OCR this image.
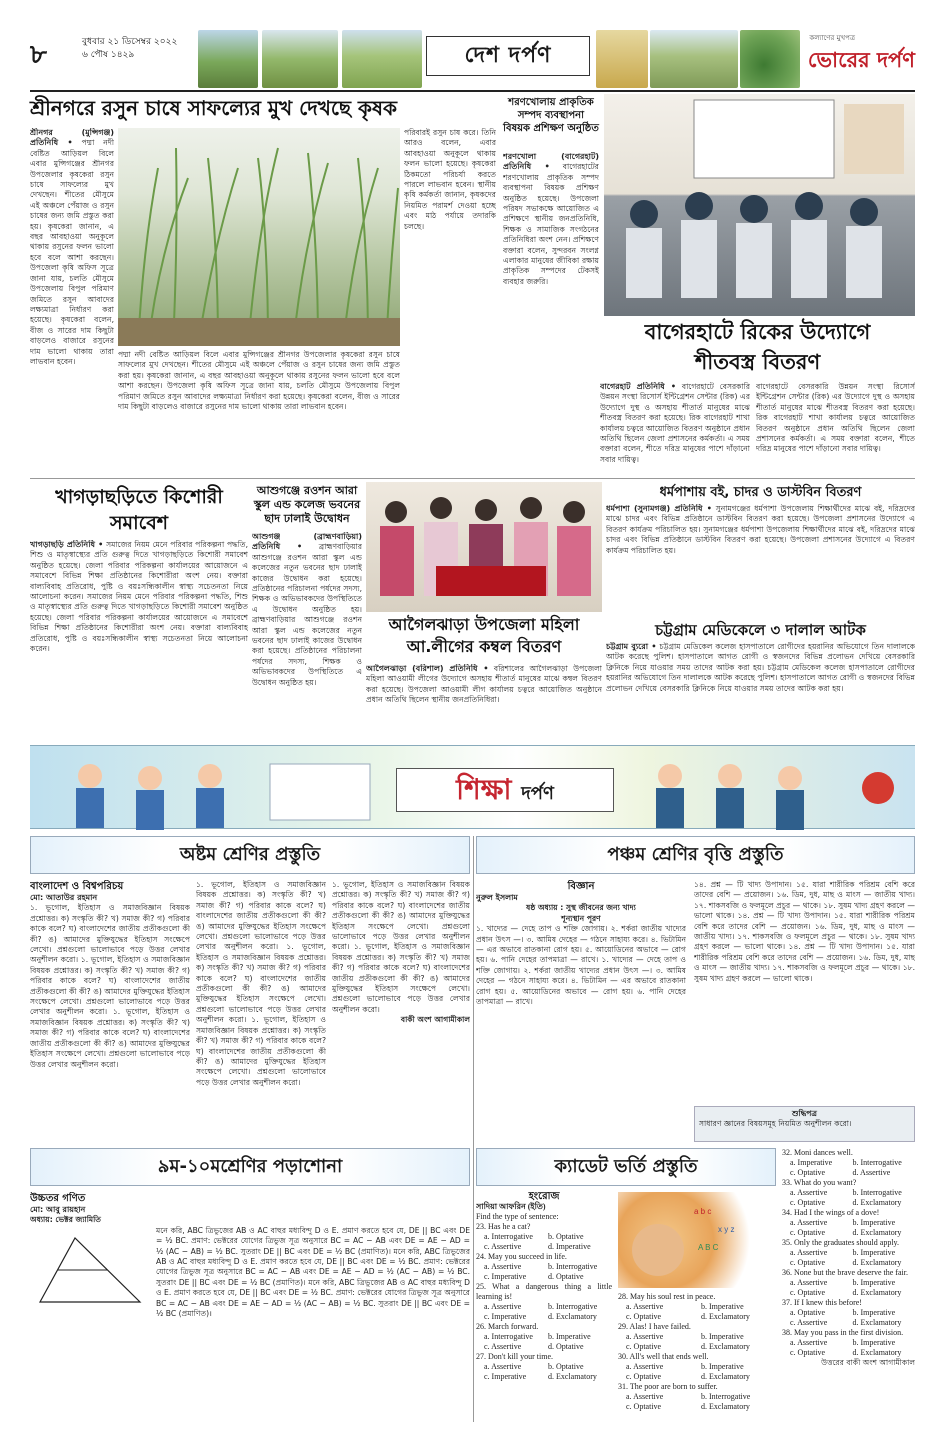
৮	বুধবার ২১ ডিসেম্বর ২০২২
৬ পৌষ ১৪২৯	দেশ দর্পণ
কল্যাণের মুখপত্র
ভোরের দর্পণ
শ্রীনগরে রসুন চাষে সাফল্যের মুখ দেখছে কৃষক
শ্রীনগর (মুন্সিগঞ্জ) প্রতিনিধি • পদ্মা নদী বেষ্টিত আড়িয়ল বিলে এবার মুন্সিগঞ্জের শ্রীনগর উপজেলার কৃষকেরা রসুন চাষে সাফল্যের মুখ দেখছেন। শীতের মৌসুমে এই অঞ্চলে পেঁয়াজ ও রসুন চাষের জন্য জমি প্রস্তুত করা হয়। কৃষকেরা জানান, এ বছর আবহাওয়া অনুকূলে থাকায় রসুনের ফলন ভালো হবে বলে আশা করছেন। উপজেলা কৃষি অফিস সূত্রে জানা যায়, চলতি মৌসুমে উপজেলায় বিপুল পরিমাণ জমিতে রসুন আবাদের লক্ষ্যমাত্রা নির্ধারণ করা হয়েছে। কৃষকেরা বলেন, বীজ ও সারের দাম কিছুটা বাড়লেও বাজারে রসুনের দাম ভালো থাকায় তারা লাভবান হবেন।
পরিবারই রসুন চাষ করে। তিনি আরও বলেন, এবার আবহাওয়া অনুকূলে থাকায় ফলন ভালো হয়েছে। কৃষকেরা ঠিকমতো পরিচর্যা করতে পারলে লাভবান হবেন। স্থানীয় কৃষি কর্মকর্তা জানান, কৃষকদের নিয়মিত পরামর্শ দেওয়া হচ্ছে এবং মাঠ পর্যায়ে তদারকি চলছে।
পদ্মা নদী বেষ্টিত আড়িয়ল বিলে এবার মুন্সিগঞ্জের শ্রীনগর উপজেলার কৃষকেরা রসুন চাষে সাফল্যের মুখ দেখছেন। শীতের মৌসুমে এই অঞ্চলে পেঁয়াজ ও রসুন চাষের জন্য জমি প্রস্তুত করা হয়। কৃষকেরা জানান, এ বছর আবহাওয়া অনুকূলে থাকায় রসুনের ফলন ভালো হবে বলে আশা করছেন। উপজেলা কৃষি অফিস সূত্রে জানা যায়, চলতি মৌসুমে উপজেলায় বিপুল পরিমাণ জমিতে রসুন আবাদের লক্ষ্যমাত্রা নির্ধারণ করা হয়েছে। কৃষকেরা বলেন, বীজ ও সারের দাম কিছুটা বাড়লেও বাজারে রসুনের দাম ভালো থাকায় তারা লাভবান হবেন।
শরণখোলায় প্রাকৃতিক সম্পদ ব্যবস্থাপনা বিষয়ক প্রশিক্ষণ অনুষ্ঠিত
শরণখোলা (বাগেরহাট) প্রতিনিধি • বাগেরহাটের শরণখোলায় প্রাকৃতিক সম্পদ ব্যবস্থাপনা বিষয়ক প্রশিক্ষণ অনুষ্ঠিত হয়েছে। উপজেলা পরিষদ সভাকক্ষে আয়োজিত এ প্রশিক্ষণে স্থানীয় জনপ্রতিনিধি, শিক্ষক ও সামাজিক সংগঠনের প্রতিনিধিরা অংশ নেন। প্রশিক্ষণে বক্তারা বলেন, সুন্দরবন সংলগ্ন এলাকার মানুষের জীবিকা রক্ষায় প্রাকৃতিক সম্পদের টেকসই ব্যবহার জরুরি।
বাগেরহাটে রিকের উদ্যোগে
শীতবস্ত্র বিতরণ
বাগেরহাট প্রতিনিধি • বাগেরহাটে বেসরকারি উন্নয়ন সংস্থা রিসোর্স ইন্টিগ্রেশন সেন্টার (রিক) এর উদ্যোগে দুস্থ ও অসহায় শীতার্ত মানুষের মাঝে শীতবস্ত্র বিতরণ করা হয়েছে। রিক বাগেরহাট শাখা কার্যালয় চত্বরে আয়োজিত বিতরণ অনুষ্ঠানে প্রধান অতিথি ছিলেন জেলা প্রশাসনের কর্মকর্তা। এ সময় বক্তারা বলেন, শীতে দরিদ্র মানুষের পাশে দাঁড়ানো সবার দায়িত্ব।
বাগেরহাটে বেসরকারি উন্নয়ন সংস্থা রিসোর্স ইন্টিগ্রেশন সেন্টার (রিক) এর উদ্যোগে দুস্থ ও অসহায় শীতার্ত মানুষের মাঝে শীতবস্ত্র বিতরণ করা হয়েছে। রিক বাগেরহাট শাখা কার্যালয় চত্বরে আয়োজিত বিতরণ অনুষ্ঠানে প্রধান অতিথি ছিলেন জেলা প্রশাসনের কর্মকর্তা। এ সময় বক্তারা বলেন, শীতে দরিদ্র মানুষের পাশে দাঁড়ানো সবার দায়িত্ব।
খাগড়াছড়িতে কিশোরী সমাবেশ
খাগড়াছড়ি প্রতিনিধি • সমাজের নিয়ম মেনে পরিবার পরিকল্পনা পদ্ধতি, শিশু ও মাতৃস্বাস্থ্যের প্রতি গুরুত্ব দিতে খাগড়াছড়িতে কিশোরী সমাবেশ অনুষ্ঠিত হয়েছে। জেলা পরিবার পরিকল্পনা কার্যালয়ের আয়োজনে এ সমাবেশে বিভিন্ন শিক্ষা প্রতিষ্ঠানের কিশোরীরা অংশ নেয়। বক্তারা বাল্যবিবাহ প্রতিরোধ, পুষ্টি ও বয়ঃসন্ধিকালীন স্বাস্থ্য সচেতনতা নিয়ে আলোচনা করেন। সমাজের নিয়ম মেনে পরিবার পরিকল্পনা পদ্ধতি, শিশু ও মাতৃস্বাস্থ্যের প্রতি গুরুত্ব দিতে খাগড়াছড়িতে কিশোরী সমাবেশ অনুষ্ঠিত হয়েছে। জেলা পরিবার পরিকল্পনা কার্যালয়ের আয়োজনে এ সমাবেশে বিভিন্ন শিক্ষা প্রতিষ্ঠানের কিশোরীরা অংশ নেয়। বক্তারা বাল্যবিবাহ প্রতিরোধ, পুষ্টি ও বয়ঃসন্ধিকালীন স্বাস্থ্য সচেতনতা নিয়ে আলোচনা করেন।
আশুগঞ্জে রওশন আরা স্কুল এন্ড কলেজ ভবনের ছাদ ঢালাই উদ্বোধন
আশুগঞ্জ (ব্রাহ্মণবাড়িয়া) প্রতিনিধি • ব্রাহ্মণবাড়িয়ার আশুগঞ্জে রওশন আরা স্কুল এন্ড কলেজের নতুন ভবনের ছাদ ঢালাই কাজের উদ্বোধন করা হয়েছে। প্রতিষ্ঠানের পরিচালনা পর্ষদের সদস্য, শিক্ষক ও অভিভাবকদের উপস্থিতিতে এ উদ্বোধন অনুষ্ঠিত হয়। ব্রাহ্মণবাড়িয়ার আশুগঞ্জে রওশন আরা স্কুল এন্ড কলেজের নতুন ভবনের ছাদ ঢালাই কাজের উদ্বোধন করা হয়েছে। প্রতিষ্ঠানের পরিচালনা পর্ষদের সদস্য, শিক্ষক ও অভিভাবকদের উপস্থিতিতে এ উদ্বোধন অনুষ্ঠিত হয়।
আগৈলঝাড়া উপজেলা মহিলা
আ.লীগের কম্বল বিতরণ
আগৈলঝাড়া (বরিশাল) প্রতিনিধি • বরিশালের আগৈলঝাড়া উপজেলা মহিলা আওয়ামী লীগের উদ্যোগে অসহায় শীতার্ত মানুষের মাঝে কম্বল বিতরণ করা হয়েছে। উপজেলা আওয়ামী লীগ কার্যালয় চত্বরে আয়োজিত অনুষ্ঠানে প্রধান অতিথি ছিলেন স্থানীয় জনপ্রতিনিধিরা।
ধর্মপাশায় বই, চাদর ও ডাস্টবিন বিতরণ
ধর্মপাশা (সুনামগঞ্জ) প্রতিনিধি • সুনামগঞ্জের ধর্মপাশা উপজেলায় শিক্ষার্থীদের মাঝে বই, দরিদ্রদের মাঝে চাদর এবং বিভিন্ন প্রতিষ্ঠানে ডাস্টবিন বিতরণ করা হয়েছে। উপজেলা প্রশাসনের উদ্যোগে এ বিতরণ কার্যক্রম পরিচালিত হয়। সুনামগঞ্জের ধর্মপাশা উপজেলায় শিক্ষার্থীদের মাঝে বই, দরিদ্রদের মাঝে চাদর এবং বিভিন্ন প্রতিষ্ঠানে ডাস্টবিন বিতরণ করা হয়েছে। উপজেলা প্রশাসনের উদ্যোগে এ বিতরণ কার্যক্রম পরিচালিত হয়।
চট্টগ্রাম মেডিকেলে ৩ দালাল আটক
চট্টগ্রাম ব্যুরো • চট্টগ্রাম মেডিকেল কলেজ হাসপাতালে রোগীদের হয়রানির অভিযোগে তিন দালালকে আটক করেছে পুলিশ। হাসপাতালে আগত রোগী ও স্বজনদের বিভিন্ন প্রলোভন দেখিয়ে বেসরকারি ক্লিনিকে নিয়ে যাওয়ার সময় তাদের আটক করা হয়। চট্টগ্রাম মেডিকেল কলেজ হাসপাতালে রোগীদের হয়রানির অভিযোগে তিন দালালকে আটক করেছে পুলিশ। হাসপাতালে আগত রোগী ও স্বজনদের বিভিন্ন প্রলোভন দেখিয়ে বেসরকারি ক্লিনিকে নিয়ে যাওয়ার সময় তাদের আটক করা হয়।
শিক্ষা দর্পণ
অষ্টম শ্রেণির প্রস্তুতি
বাংলাদেশ ও বিশ্বপরিচয়
মো: আতাউর রহমান
১. ভূগোল, ইতিহাস ও সমাজবিজ্ঞান বিষয়ক প্রশ্নোত্তর। ক) সংস্কৃতি কী? খ) সমাজ কী? গ) পরিবার কাকে বলে? ঘ) বাংলাদেশের জাতীয় প্রতীকগুলো কী কী? ঙ) আমাদের মুক্তিযুদ্ধের ইতিহাস সংক্ষেপে লেখো। প্রশ্নগুলো ভালোভাবে পড়ে উত্তর লেখার অনুশীলন করো। ১. ভূগোল, ইতিহাস ও সমাজবিজ্ঞান বিষয়ক প্রশ্নোত্তর। ক) সংস্কৃতি কী? খ) সমাজ কী? গ) পরিবার কাকে বলে? ঘ) বাংলাদেশের জাতীয় প্রতীকগুলো কী কী? ঙ) আমাদের মুক্তিযুদ্ধের ইতিহাস সংক্ষেপে লেখো। প্রশ্নগুলো ভালোভাবে পড়ে উত্তর লেখার অনুশীলন করো। ১. ভূগোল, ইতিহাস ও সমাজবিজ্ঞান বিষয়ক প্রশ্নোত্তর। ক) সংস্কৃতি কী? খ) সমাজ কী? গ) পরিবার কাকে বলে? ঘ) বাংলাদেশের জাতীয় প্রতীকগুলো কী কী? ঙ) আমাদের মুক্তিযুদ্ধের ইতিহাস সংক্ষেপে লেখো। প্রশ্নগুলো ভালোভাবে পড়ে উত্তর লেখার অনুশীলন করো।
১. ভূগোল, ইতিহাস ও সমাজবিজ্ঞান বিষয়ক প্রশ্নোত্তর। ক) সংস্কৃতি কী? খ) সমাজ কী? গ) পরিবার কাকে বলে? ঘ) বাংলাদেশের জাতীয় প্রতীকগুলো কী কী? ঙ) আমাদের মুক্তিযুদ্ধের ইতিহাস সংক্ষেপে লেখো। প্রশ্নগুলো ভালোভাবে পড়ে উত্তর লেখার অনুশীলন করো। ১. ভূগোল, ইতিহাস ও সমাজবিজ্ঞান বিষয়ক প্রশ্নোত্তর। ক) সংস্কৃতি কী? খ) সমাজ কী? গ) পরিবার কাকে বলে? ঘ) বাংলাদেশের জাতীয় প্রতীকগুলো কী কী? ঙ) আমাদের মুক্তিযুদ্ধের ইতিহাস সংক্ষেপে লেখো। প্রশ্নগুলো ভালোভাবে পড়ে উত্তর লেখার অনুশীলন করো। ১. ভূগোল, ইতিহাস ও সমাজবিজ্ঞান বিষয়ক প্রশ্নোত্তর। ক) সংস্কৃতি কী? খ) সমাজ কী? গ) পরিবার কাকে বলে? ঘ) বাংলাদেশের জাতীয় প্রতীকগুলো কী কী? ঙ) আমাদের মুক্তিযুদ্ধের ইতিহাস সংক্ষেপে লেখো। প্রশ্নগুলো ভালোভাবে পড়ে উত্তর লেখার অনুশীলন করো।
১. ভূগোল, ইতিহাস ও সমাজবিজ্ঞান বিষয়ক প্রশ্নোত্তর। ক) সংস্কৃতি কী? খ) সমাজ কী? গ) পরিবার কাকে বলে? ঘ) বাংলাদেশের জাতীয় প্রতীকগুলো কী কী? ঙ) আমাদের মুক্তিযুদ্ধের ইতিহাস সংক্ষেপে লেখো। প্রশ্নগুলো ভালোভাবে পড়ে উত্তর লেখার অনুশীলন করো। ১. ভূগোল, ইতিহাস ও সমাজবিজ্ঞান বিষয়ক প্রশ্নোত্তর। ক) সংস্কৃতি কী? খ) সমাজ কী? গ) পরিবার কাকে বলে? ঘ) বাংলাদেশের জাতীয় প্রতীকগুলো কী কী? ঙ) আমাদের মুক্তিযুদ্ধের ইতিহাস সংক্ষেপে লেখো। প্রশ্নগুলো ভালোভাবে পড়ে উত্তর লেখার অনুশীলন করো।
বাকী অংশ আগামীকাল
পঞ্চম শ্রেণির বৃত্তি প্রস্তুতি
বিজ্ঞান
নুরুল ইসলাম
ষষ্ঠ অধ্যায় : সুস্থ জীবনের জন্য খাদ্য
শূন্যস্থান পূরণ
১. খাদ্যের — দেহে তাপ ও শক্তি জোগায়। ২. শর্করা জাতীয় খাদ্যের প্রধান উৎস —। ৩. আমিষ দেহের — গঠনে সাহায্য করে। ৪. ভিটামিন — এর অভাবে রাতকানা রোগ হয়। ৫. আয়োডিনের অভাবে — রোগ হয়। ৬. পানি দেহের তাপমাত্রা — রাখে। ১. খাদ্যের — দেহে তাপ ও শক্তি জোগায়। ২. শর্করা জাতীয় খাদ্যের প্রধান উৎস —। ৩. আমিষ দেহের — গঠনে সাহায্য করে। ৪. ভিটামিন — এর অভাবে রাতকানা রোগ হয়। ৫. আয়োডিনের অভাবে — রোগ হয়। ৬. পানি দেহের তাপমাত্রা — রাখে।
১৪. প্রশ্ন — টি খাদ্য উপাদান। ১৫. যারা শারীরিক পরিশ্রম বেশি করে তাদের বেশি — প্রয়োজন। ১৬. ডিম, দুধ, মাছ ও মাংস — জাতীয় খাদ্য। ১৭. শাকসবজি ও ফলমূলে প্রচুর — থাকে। ১৮. সুষম খাদ্য গ্রহণ করলে — ভালো থাকে। ১৪. প্রশ্ন — টি খাদ্য উপাদান। ১৫. যারা শারীরিক পরিশ্রম বেশি করে তাদের বেশি — প্রয়োজন। ১৬. ডিম, দুধ, মাছ ও মাংস — জাতীয় খাদ্য। ১৭. শাকসবজি ও ফলমূলে প্রচুর — থাকে। ১৮. সুষম খাদ্য গ্রহণ করলে — ভালো থাকে। ১৪. প্রশ্ন — টি খাদ্য উপাদান। ১৫. যারা শারীরিক পরিশ্রম বেশি করে তাদের বেশি — প্রয়োজন। ১৬. ডিম, দুধ, মাছ ও মাংস — জাতীয় খাদ্য। ১৭. শাকসবজি ও ফলমূলে প্রচুর — থাকে। ১৮. সুষম খাদ্য গ্রহণ করলে — ভালো থাকে।
শুদ্ধিপত্র
সাধারণ জ্ঞানের বিষয়সমূহ নিয়মিত অনুশীলন করো।
৯ম-১০মশ্রেণির পড়াশোনা
উচ্চতর গণিত
মো: আবু রায়হান
অধ্যায়: ভেক্টর জ্যামিতি
মনে করি, ABC ত্রিভুজের AB ও AC বাহুর মধ্যবিন্দু D ও E. প্রমাণ করতে হবে যে, DE || BC এবং DE = ½ BC. প্রমাণ: ভেক্টরের যোগের ত্রিভুজ সূত্র অনুসারে BC = AC − AB এবং DE = AE − AD = ½ (AC − AB) = ½ BC. সুতরাং DE || BC এবং DE = ½ BC (প্রমাণিত)। মনে করি, ABC ত্রিভুজের AB ও AC বাহুর মধ্যবিন্দু D ও E. প্রমাণ করতে হবে যে, DE || BC এবং DE = ½ BC. প্রমাণ: ভেক্টরের যোগের ত্রিভুজ সূত্র অনুসারে BC = AC − AB এবং DE = AE − AD = ½ (AC − AB) = ½ BC. সুতরাং DE || BC এবং DE = ½ BC (প্রমাণিত)। মনে করি, ABC ত্রিভুজের AB ও AC বাহুর মধ্যবিন্দু D ও E. প্রমাণ করতে হবে যে, DE || BC এবং DE = ½ BC. প্রমাণ: ভেক্টরের যোগের ত্রিভুজ সূত্র অনুসারে BC = AC − AB এবং DE = AE − AD = ½ (AC − AB) = ½ BC. সুতরাং DE || BC এবং DE = ½ BC (প্রমাণিত)।
ক্যাডেট ভর্তি প্রস্তুতি
ইংরেজি
সাদিয়া আফরিন (ইতি)
Find the type of sentence:
23. Has he a cat?
a. Interrogative	b. Optative
c. Assertive	d. Imperative
24. May you succeed in life.
a. Assertive	b. Interrogative
c. Imperative	d. Optative
25. What a dangerous thing a little learning is!
a. Assertive	b. Interrogative
c. Imperative	d. Exclamatory
26. March forward.
a. Interrogative	b. Imperative
c. Assertive	d. Optative
27. Don't kill your time.
a. Assertive	b. Optative
c. Imperative	d. Exclamatory
a b c
x y z
A B C
28. May his soul rest in peace.
a. Assertive	b. Imperative
c. Optative	d. Exclamatory
29. Alas! I have failed.
a. Assertive	b. Imperative
c. Optative	d. Exclamatory
30. All's well that ends well.
a. Assertive	b. Imperative
c. Optative	d. Exclamatory
31. The poor are born to suffer.
a. Assertive	b. Interrogative
c. Optative	d. Exclamatory
32. Moni dances well.
a. Imperative	b. Interrogative
c. Optative	d. Assertive
33. What do you want?
a. Assertive	b. Interrogative
c. Optative	d. Exclamatory
34. Had I the wings of a dove!
a. Assertive	b. Imperative
c. Optative	d. Exclamatory
35. Only the graduates should apply.
a. Assertive	b. Imperative
c. Optative	d. Exclamatory
36. None but the brave deserve the fair.
a. Assertive	b. Imperative
c. Optative	d. Exclamatory
37. If I knew this before!
a. Optative	b. Imperative
c. Assertive	d. Exclamatory
38. May you pass in the first division.
a. Assertive	b. Imperative
c. Optative	d. Exclamatory
উত্তরের বাকী অংশ আগামীকাল
